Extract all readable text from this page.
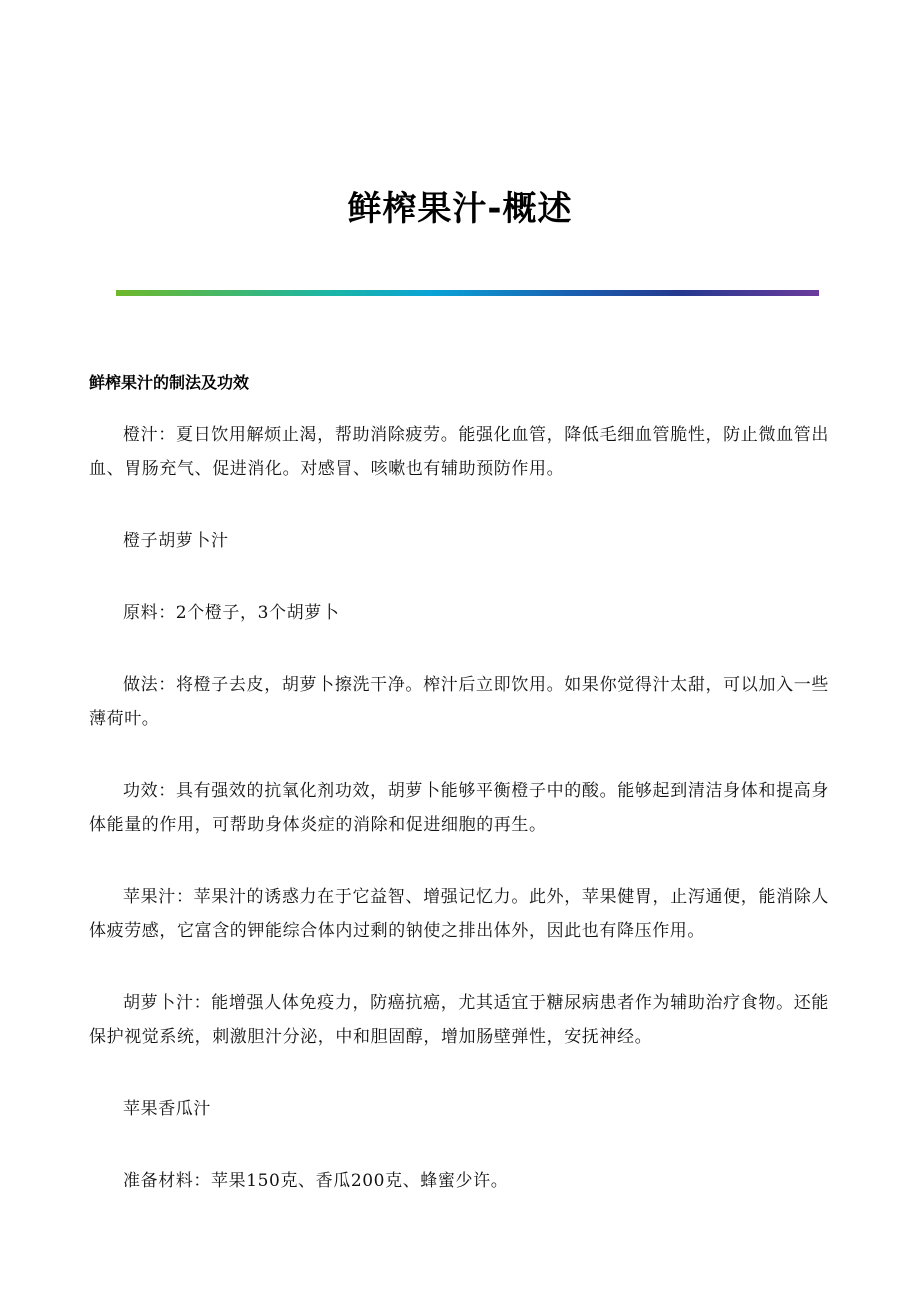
鲜榨果汁-概述
鲜榨果汁的制法及功效

橙汁：夏日饮用解烦止渴，帮助消除疲劳。能强化血管，降低毛细血管脆性，防止微血管出血、胃肠充气、促进消化。对感冒、咳嗽也有辅助预防作用。

橙子胡萝卜汁

原料：2个橙子，3个胡萝卜

做法：将橙子去皮，胡萝卜擦洗干净。榨汁后立即饮用。如果你觉得汁太甜，可以加入一些薄荷叶。

功效：具有强效的抗氧化剂功效，胡萝卜能够平衡橙子中的酸。能够起到清洁身体和提高身体能量的作用，可帮助身体炎症的消除和促进细胞的再生。

苹果汁：苹果汁的诱惑力在于它益智、增强记忆力。此外，苹果健胃，止泻通便，能消除人体疲劳感，它富含的钾能综合体内过剩的钠使之排出体外，因此也有降压作用。

胡萝卜汁：能增强人体免疫力，防癌抗癌，尤其适宜于糖尿病患者作为辅助治疗食物。还能保护视觉系统，刺激胆汁分泌，中和胆固醇，增加肠壁弹性，安抚神经。

苹果香瓜汁

准备材料：苹果150克、香瓜200克、蜂蜜少许。
